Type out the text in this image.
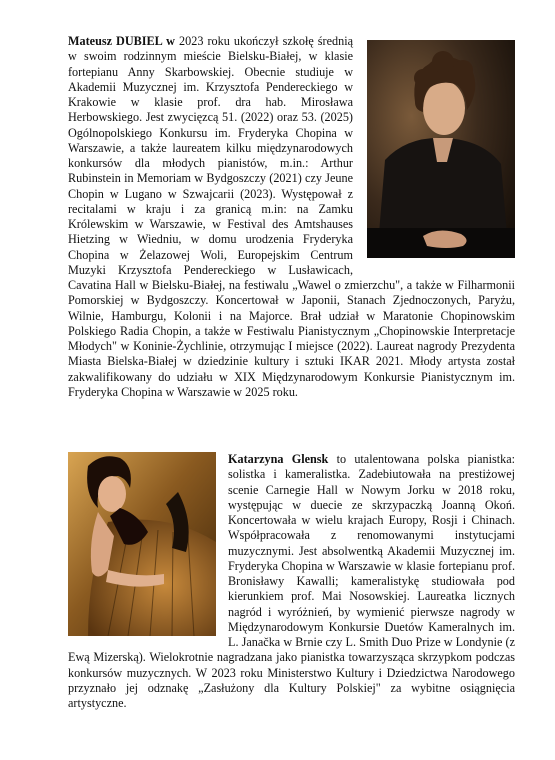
Mateusz DUBIEL w 2023 roku ukończył szkołę średnią w swoim rodzinnym mieście Bielsku-Białej, w klasie fortepianu Anny Skarbowskiej. Obecnie studiuje w Akademii Muzycznej im. Krzysztofa Pendereckiego w Krakowie w klasie prof. dra hab. Mirosława Herbowskiego. Jest zwycięzcą 51. (2022) oraz 53. (2025) Ogólnopolskiego Konkursu im. Fryderyka Chopina w Warszawie, a także laureatem kilku międzynarodowych konkursów dla młodych pianistów, m.in.: Arthur Rubinstein in Memoriam w Bydgoszczy (2021) czy Jeune Chopin w Lugano w Szwajcarii (2023). Występował z recitalami w kraju i za granicą m.in: na Zamku Królewskim w Warszawie, w Festival des Amtshauses Hietzing w Wiedniu, w domu urodzenia Fryderyka Chopina w Żelazowej Woli, Europejskim Centrum Muzyki Krzysztofa Pendereckiego w Lusławicach, Cavatina Hall w Bielsku-Białej, na festiwalu „Wawel o zmierzchu", a także w Filharmonii Pomorskiej w Bydgoszczy. Koncertował w Japonii, Stanach Zjednoczonych, Paryżu, Wilnie, Hamburgu, Kolonii i na Majorce. Brał udział w Maratonie Chopinowskim Polskiego Radia Chopin, a także w Festiwalu Pianistycznym „Chopinowskie Interpretacje Młodych" w Koninie-Żychlinie, otrzymując I miejsce (2022). Laureat nagrody Prezydenta Miasta Bielska-Białej w dziedzinie kultury i sztuki IKAR 2021. Młody artysta został zakwalifikowany do udziału w XIX Międzynarodowym Konkursie Pianistycznym im. Fryderyka Chopina w Warszawie w 2025 roku.

Katarzyna Glensk to utalentowana polska pianistka: solistka i kameralistka. Zadebiutowała na prestiżowej scenie Carnegie Hall w Nowym Jorku w 2018 roku, występując w duecie ze skrzypaczką Joanną Okoń. Koncertowała w wielu krajach Europy, Rosji i Chinach. Współpracowała z renomowanymi instytucjami muzycznymi. Jest absolwentką Akademii Muzycznej im. Fryderyka Chopina w Warszawie w klasie fortepianu prof. Bronisławy Kawalli; kameralistykę studiowała pod kierunkiem prof. Mai Nosowskiej. Laureatka licznych nagród i wyróżnień, by wymienić pierwsze nagrody w Międzynarodowym Konkursie Duetów Kameralnych im. L. Janačka w Brnie czy L. Smith Duo Prize w Londynie (z Ewą Mizerską). Wielokrotnie nagradzana jako pianistka towarzysząca skrzypkom podczas konkursów muzycznych. W 2023 roku Ministerstwo Kultury i Dziedzictwa Narodowego przyznało jej odznakę „Zasłużony dla Kultury Polskiej" za wybitne osiągnięcia artystyczne.
